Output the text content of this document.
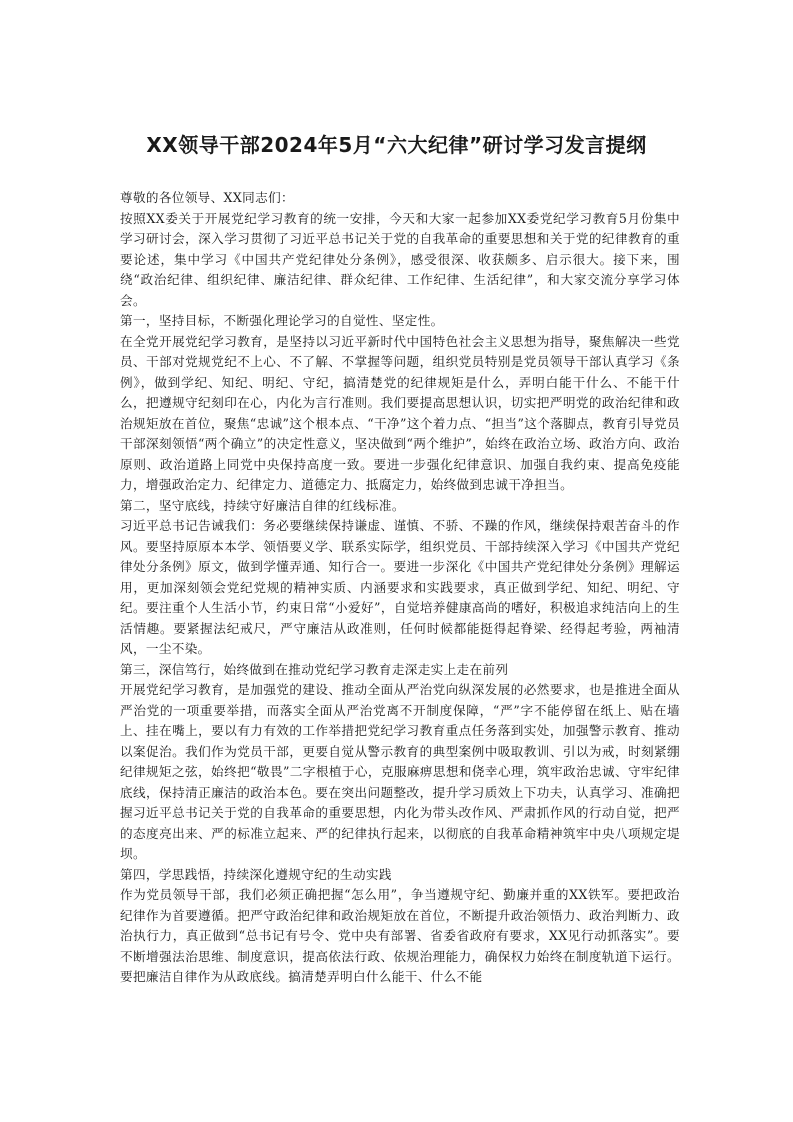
XX领导干部2024年5月“六大纪律”研讨学习发言提纲

尊敬的各位领导、XX同志们：

按照XX委关于开展党纪学习教育的统一安排，今天和大家一起参加XX委党纪学习教育5月份集中学习研讨会，深入学习贯彻了习近平总书记关于党的自我革命的重要思想和关于党的纪律教育的重要论述，集中学习《中国共产党纪律处分条例》，感受很深、收获颇多、启示很大。接下来，围绕“政治纪律、组织纪律、廉洁纪律、群众纪律、工作纪律、生活纪律”，和大家交流分享学习体会。

第一，坚持目标，不断强化理论学习的自觉性、坚定性。

在全党开展党纪学习教育，是坚持以习近平新时代中国特色社会主义思想为指导，聚焦解决一些党员、干部对党规党纪不上心、不了解、不掌握等问题，组织党员特别是党员领导干部认真学习《条例》，做到学纪、知纪、明纪、守纪，搞清楚党的纪律规矩是什么，弄明白能干什么、不能干什么，把遵规守纪刻印在心，内化为言行准则。我们要提高思想认识，切实把严明党的政治纪律和政治规矩放在首位，聚焦“忠诚”这个根本点、“干净”这个着力点、“担当”这个落脚点，教育引导党员干部深刻领悟“两个确立”的决定性意义，坚决做到“两个维护”，始终在政治立场、政治方向、政治原则、政治道路上同党中央保持高度一致。要进一步强化纪律意识、加强自我约束、提高免疫能力，增强政治定力、纪律定力、道德定力、抵腐定力，始终做到忠诚干净担当。

第二，坚守底线，持续守好廉洁自律的红线标准。

习近平总书记告诫我们：务必要继续保持谦虚、谨慎、不骄、不躁的作风，继续保持艰苦奋斗的作风。要坚持原原本本学、领悟要义学、联系实际学，组织党员、干部持续深入学习《中国共产党纪律处分条例》原文，做到学懂弄通、知行合一。要进一步深化《中国共产党纪律处分条例》理解运用，更加深刻领会党纪党规的精神实质、内涵要求和实践要求，真正做到学纪、知纪、明纪、守纪。要注重个人生活小节，约束日常“小爱好”，自觉培养健康高尚的嗜好，积极追求纯洁向上的生活情趣。要紧握法纪戒尺，严守廉洁从政准则，任何时候都能挺得起脊梁、经得起考验，两袖清风，一尘不染。

第三，深信笃行，始终做到在推动党纪学习教育走深走实上走在前列

开展党纪学习教育，是加强党的建设、推动全面从严治党向纵深发展的必然要求，也是推进全面从严治党的一项重要举措，而落实全面从严治党离不开制度保障，“严”字不能停留在纸上、贴在墙上、挂在嘴上，要以有力有效的工作举措把党纪学习教育重点任务落到实处，加强警示教育、推动以案促治。我们作为党员干部，更要自觉从警示教育的典型案例中吸取教训、引以为戒，时刻紧绷纪律规矩之弦，始终把“敬畏”二字根植于心，克服麻痹思想和侥幸心理，筑牢政治忠诚、守牢纪律底线，保持清正廉洁的政治本色。要在突出问题整改，提升学习质效上下功夫，认真学习、准确把握习近平总书记关于党的自我革命的重要思想，内化为带头改作风、严肃抓作风的行动自觉，把严的态度亮出来、严的标准立起来、严的纪律执行起来，以彻底的自我革命精神筑牢中央八项规定堤坝。

第四，学思践悟，持续深化遵规守纪的生动实践

作为党员领导干部，我们必须正确把握“怎么用”，争当遵规守纪、勤廉并重的XX铁军。要把政治纪律作为首要遵循。把严守政治纪律和政治规矩放在首位，不断提升政治领悟力、政治判断力、政治执行力，真正做到“总书记有号令、党中央有部署、省委省政府有要求，XX见行动抓落实”。要不断增强法治思维、制度意识，提高依法行政、依规治理能力，确保权力始终在制度轨道下运行。要把廉洁自律作为从政底线。搞清楚弄明白什么能干、什么不能
